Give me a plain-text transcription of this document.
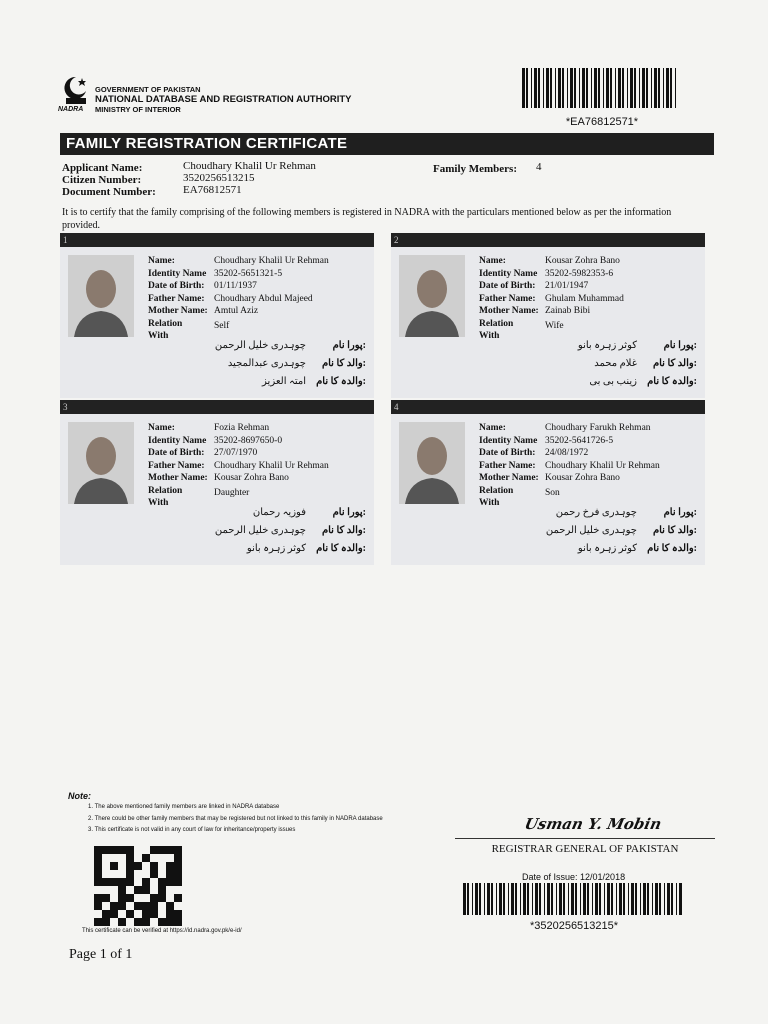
NADRA
GOVERNMENT OF PAKISTAN
NATIONAL DATABASE AND REGISTRATION AUTHORITY
MINISTRY OF INTERIOR
*EA76812571*
FAMILY REGISTRATION CERTIFICATE
Applicant Name:	Choudhary Khalil Ur Rehman
Citizen Number:	3520256513215
Document Number: EA76812571
Family Members: 4
It is to certify that the family comprising of the following members is registered in NADRA with the particulars mentioned below as per the information provided.
1
Name:	Choudhary Khalil Ur Rehman
Identity Name 35202-5651321-5
Date of Birth:	01/11/1937
Father Name: Choudhary Abdul Majeed
Mother Name: Amtul Aziz
Relation
With
Self
:پورا نام
چوہدری خلیل الرحمن
:والد کا نام
چوہدری عبدالمجید
:والدہ کا نام
امتہ العزیز
2
Name:	Kousar Zohra Bano
Identity Name 35202-5982353-6
Date of Birth:	21/01/1947
Father Name: Ghulam Muhammad
Mother Name: Zainab Bibi
Relation
With
Wife
:پورا نام
کوثر زہرہ بانو
:والد کا نام
غلام محمد
:والدہ کا نام
زینب بی بی
3
Name:	Fozia Rehman
Identity Name 35202-8697650-0
Date of Birth:	27/07/1970
Father Name: Choudhary Khalil Ur Rehman
Mother Name: Kousar Zohra Bano
Relation
With
Daughter
:پورا نام
فوزیہ رحمان
:والد کا نام
چوہدری خلیل الرحمن
:والدہ کا نام
کوثر زہرہ بانو
4
Name:	Choudhary Farukh Rehman
Identity Name 35202-5641726-5
Date of Birth:	24/08/1972
Father Name: Choudhary Khalil Ur Rehman
Mother Name: Kousar Zohra Bano
Relation
With
Son
:پورا نام
چوہدری فرخ رحمن
:والد کا نام
چوہدری خلیل الرحمن
:والدہ کا نام
کوثر زہرہ بانو
Note:
1. The above mentioned family members are linked in NADRA database
2. There could be other family members that may be registered but not linked to this family in NADRA database
3. This certificate is not valid in any court of law for inheritance/property issues
This certificate can be verified at https://id.nadra.gov.pk/e-id/
Page 1 of 1
Usman Y. Mobin
REGISTRAR GENERAL OF PAKISTAN
Date of Issue: 12/01/2018
*3520256513215*
